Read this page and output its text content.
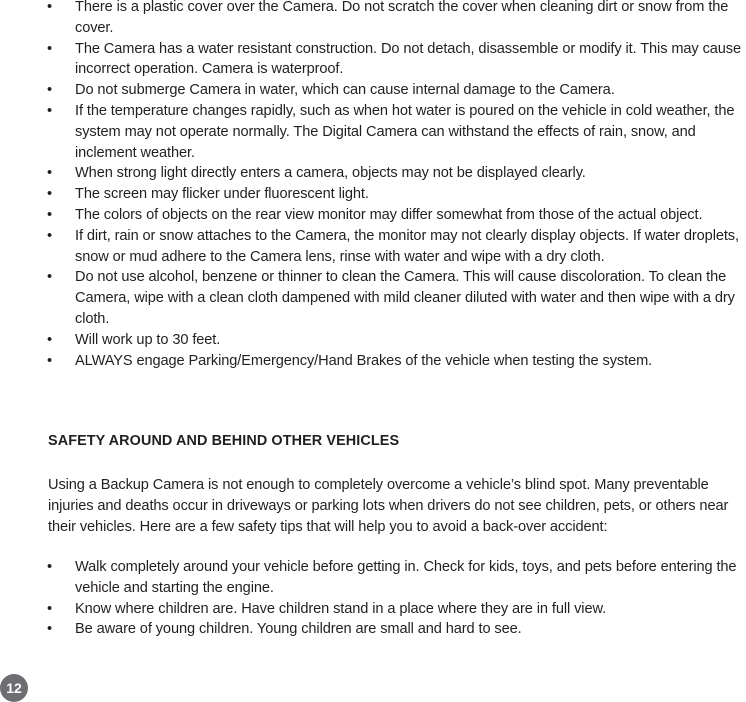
•	There is a plastic cover over the Camera. Do not scratch the cover when cleaning dirt or snow from the cover.
•	The Camera has a water resistant construction. Do not detach, disassemble or modify it. This may cause incorrect operation. Camera is waterproof.
•	Do not submerge Camera in water, which can cause internal damage to the Camera.
•	If the temperature changes rapidly, such as when hot water is poured on the vehicle in cold weather, the system may not operate normally. The Digital Camera can withstand the effects of rain, snow, and inclement weather.
•	When strong light directly enters a camera, objects may not be displayed clearly.
•	The screen may flicker under fluorescent light.
•	The colors of objects on the rear view monitor may differ somewhat from those of the actual object.
•	If dirt, rain or snow attaches to the Camera, the monitor may not clearly display objects. If water droplets, snow or mud adhere to the Camera lens, rinse with water and wipe with a dry cloth.
•	Do not use alcohol, benzene or thinner to clean the Camera. This will cause discoloration. To clean the Camera, wipe with a clean cloth dampened with mild cleaner diluted with water and then wipe with a dry cloth.
•	Will work up to 30 feet.
•	ALWAYS engage Parking/Emergency/Hand Brakes of the vehicle when testing the system.
SAFETY AROUND AND BEHIND OTHER VEHICLES

Using a Backup Camera is not enough to completely overcome a vehicle’s blind spot. Many preventable injuries and deaths occur in driveways or parking lots when drivers do not see children, pets, or others near their vehicles. Here are a few safety tips that will help you to avoid a back-over accident:

•	Walk completely around your vehicle before getting in. Check for kids, toys, and pets before entering the vehicle and starting the engine.
•	Know where children are. Have children stand in a place where they are in full view.
•	Be aware of young children. Young children are small and hard to see.
12
